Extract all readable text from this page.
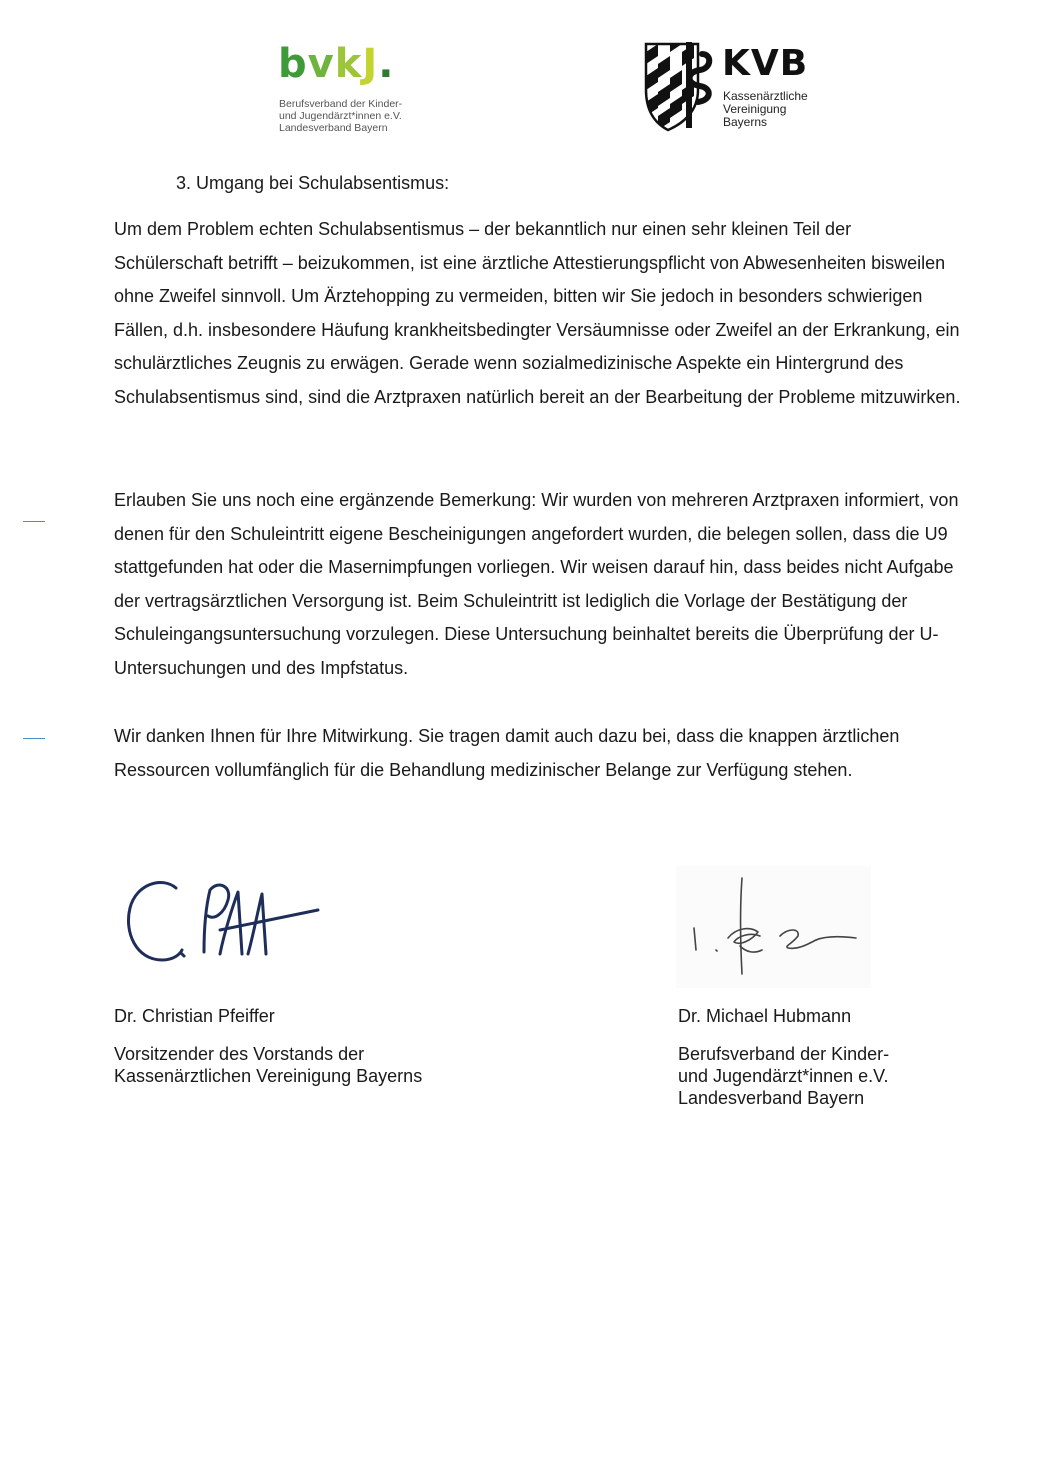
bvkJ.
Berufsverband der Kinder-
und Jugendärzt*innen e.V.
Landesverband Bayern
KVB
Kassenärztliche
Vereinigung
Bayerns
3. Umgang bei Schulabsentismus:

Um dem Problem echten Schulabsentismus – der bekanntlich nur einen sehr kleinen Teil der Schülerschaft betrifft – beizukommen, ist eine ärztliche Attestierungspflicht von Abwesenheiten bisweilen ohne Zweifel sinnvoll. Um Ärztehopping zu vermeiden, bitten wir Sie jedoch in besonders schwierigen Fällen, d.h. insbesondere Häufung krankheitsbedingter Versäumnisse oder Zweifel an der Erkrankung, ein schulärztliches Zeugnis zu erwägen. Gerade wenn sozialmedizinische Aspekte ein Hintergrund des Schulabsentismus sind, sind die Arztpraxen natürlich bereit an der Bearbeitung der Probleme mitzuwirken.

Erlauben Sie uns noch eine ergänzende Bemerkung: Wir wurden von mehreren Arztpraxen informiert, von denen für den Schuleintritt eigene Bescheinigungen angefordert wurden, die belegen sollen, dass die U9 stattgefunden hat oder die Masernimpfungen vorliegen. Wir weisen darauf hin, dass beides nicht Aufgabe der vertragsärztlichen Versorgung ist. Beim Schuleintritt ist lediglich die Vorlage der Bestätigung der Schuleingangsuntersuchung vorzulegen. Diese Untersuchung beinhaltet bereits die Überprüfung der U-Untersuchungen und des Impfstatus.

Wir danken Ihnen für Ihre Mitwirkung. Sie tragen damit auch dazu bei, dass die knappen ärztlichen Ressourcen vollumfänglich für die Behandlung medizinischer Belange zur Verfügung stehen.

Dr. Christian Pfeiffer
Vorsitzender des Vorstands der
Kassenärztlichen Vereinigung Bayerns
Dr. Michael Hubmann
Berufsverband der Kinder-
und Jugendärzt*innen e.V.
Landesverband Bayern
